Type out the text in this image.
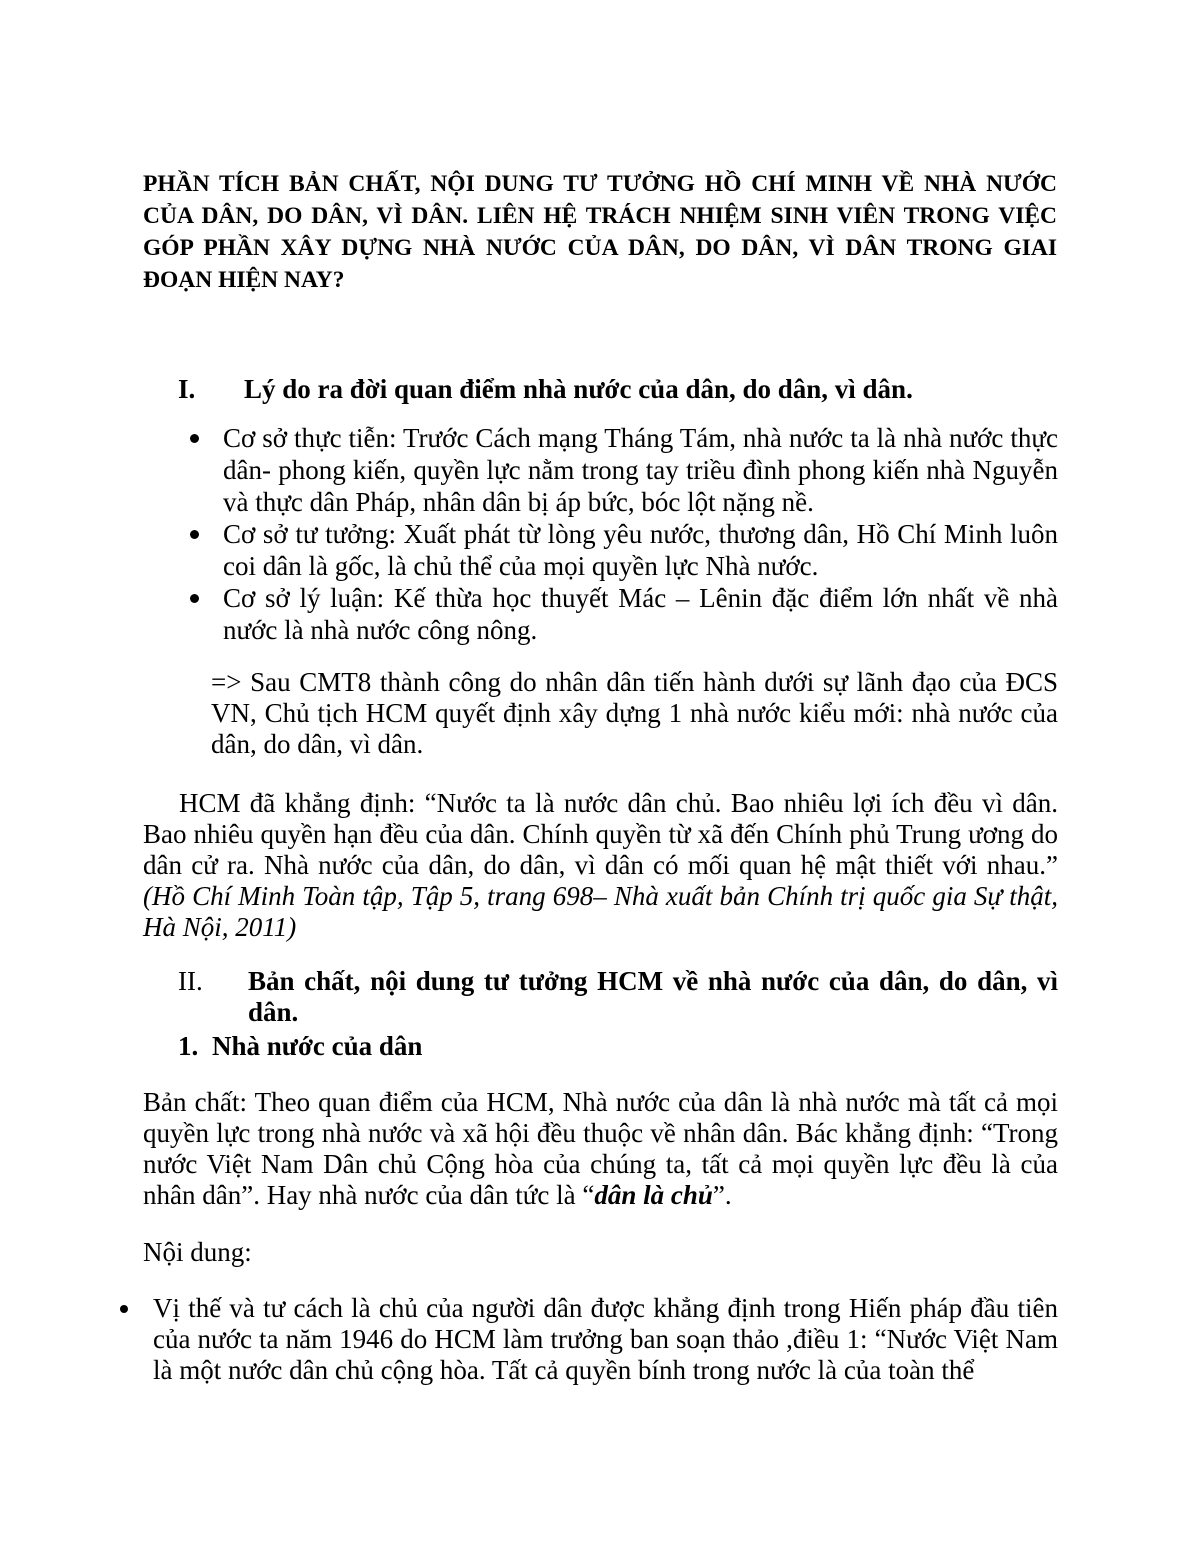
PHẦN TÍCH BẢN CHẤT, NỘI DUNG TƯ TƯỞNG HỒ CHÍ MINH VỀ NHÀ NƯỚC CỦA DÂN, DO DÂN, VÌ DÂN. LIÊN HỆ TRÁCH NHIỆM SINH VIÊN TRONG VIỆC GÓP PHẦN XÂY DỰNG NHÀ NƯỚC CỦA DÂN, DO DÂN, VÌ DÂN TRONG GIAI ĐOẠN HIỆN NAY?
I. Lý do ra đời quan điểm nhà nước của dân, do dân, vì dân.
Cơ sở thực tiễn: Trước Cách mạng Tháng Tám, nhà nước ta là nhà nước thực dân- phong kiến, quyền lực nằm trong tay triều đình phong kiến nhà Nguyễn và thực dân Pháp, nhân dân bị áp bức, bóc lột nặng nề.
Cơ sở tư tưởng: Xuất phát từ lòng yêu nước, thương dân, Hồ Chí Minh luôn coi dân là gốc, là chủ thể của mọi quyền lực Nhà nước.
Cơ sở lý luận: Kế thừa học thuyết Mác – Lênin đặc điểm lớn nhất về nhà nước là nhà nước công nông.

=> Sau CMT8 thành công do nhân dân tiến hành dưới sự lãnh đạo của ĐCS VN, Chủ tịch HCM quyết định xây dựng 1 nhà nước kiểu mới: nhà nước của dân, do dân, vì dân.

HCM đã khẳng định: “Nước ta là nước dân chủ. Bao nhiêu lợi ích đều vì dân. Bao nhiêu quyền hạn đều của dân. Chính quyền từ xã đến Chính phủ Trung ương do dân cử ra. Nhà nước của dân, do dân, vì dân có mối quan hệ mật thiết với nhau.” (Hồ Chí Minh Toàn tập, Tập 5, trang 698– Nhà xuất bản Chính trị quốc gia Sự thật, Hà Nội, 2011)

II. Bản chất, nội dung tư tưởng HCM về nhà nước của dân, do dân, vì dân.
1. Nhà nước của dân

Bản chất: Theo quan điểm của HCM, Nhà nước của dân là nhà nước mà tất cả mọi quyền lực trong nhà nước và xã hội đều thuộc về nhân dân. Bác khẳng định: “Trong nước Việt Nam Dân chủ Cộng hòa của chúng ta, tất cả mọi quyền lực đều là của nhân dân”. Hay nhà nước của dân tức là “dân là chủ”.

Nội dung:

Vị thế và tư cách là chủ của người dân được khẳng định trong Hiến pháp đầu tiên của nước ta năm 1946 do HCM làm trưởng ban soạn thảo ,điều 1: “Nước Việt Nam là một nước dân chủ cộng hòa. Tất cả quyền bính trong nước là của toàn thể
